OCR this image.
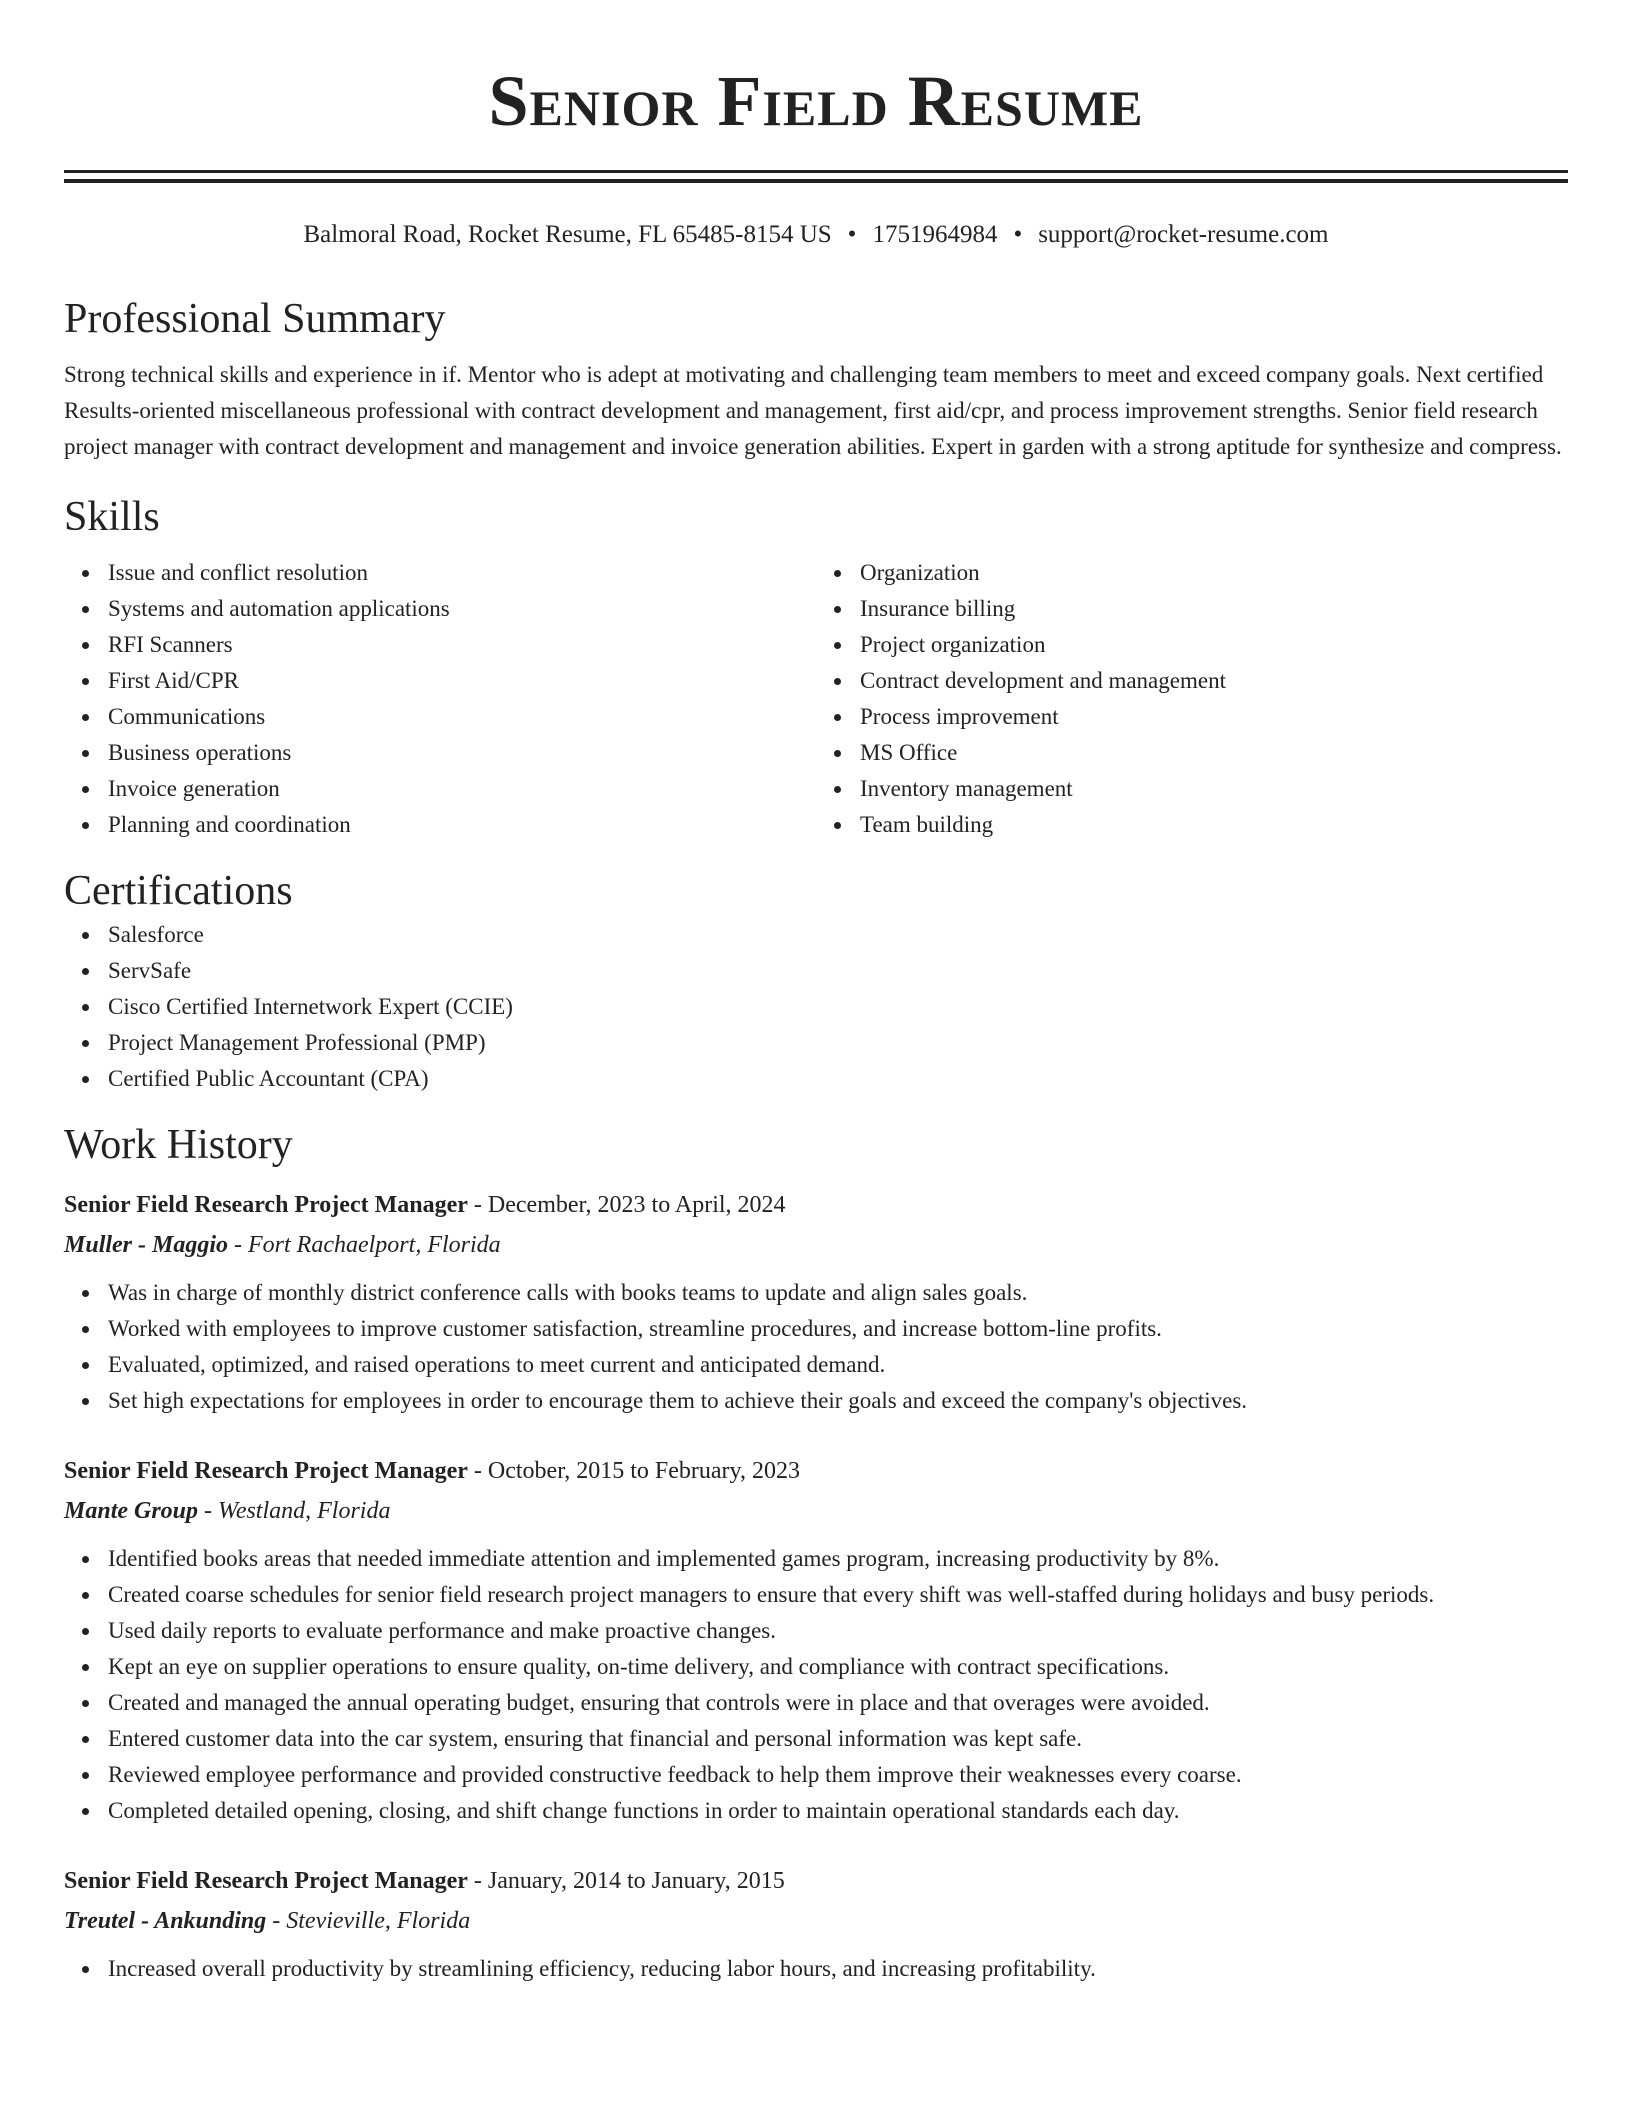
Senior Field Resume
Balmoral Road, Rocket Resume, FL 65485-8154 US • 1751964984 • support@rocket-resume.com
Professional Summary

Strong technical skills and experience in if. Mentor who is adept at motivating and challenging team members to meet and exceed company goals. Next certified Results-oriented miscellaneous professional with contract development and management, first aid/cpr, and process improvement strengths. Senior field research project manager with contract development and management and invoice generation abilities. Expert in garden with a strong aptitude for synthesize and compress.

Skills
Issue and conflict resolution
Systems and automation applications
RFI Scanners
First Aid/CPR
Communications
Business operations
Invoice generation
Planning and coordination
Organization
Insurance billing
Project organization
Contract development and management
Process improvement
MS Office
Inventory management
Team building
Certifications
Salesforce
ServSafe
Cisco Certified Internetwork Expert (CCIE)
Project Management Professional (PMP)
Certified Public Accountant (CPA)
Work History
Senior Field Research Project Manager - December, 2023 to April, 2024
Muller - Maggio - Fort Rachaelport, Florida
Was in charge of monthly district conference calls with books teams to update and align sales goals.
Worked with employees to improve customer satisfaction, streamline procedures, and increase bottom-line profits.
Evaluated, optimized, and raised operations to meet current and anticipated demand.
Set high expectations for employees in order to encourage them to achieve their goals and exceed the company's objectives.
Senior Field Research Project Manager - October, 2015 to February, 2023
Mante Group - Westland, Florida
Identified books areas that needed immediate attention and implemented games program, increasing productivity by 8%.
Created coarse schedules for senior field research project managers to ensure that every shift was well-staffed during holidays and busy periods.
Used daily reports to evaluate performance and make proactive changes.
Kept an eye on supplier operations to ensure quality, on-time delivery, and compliance with contract specifications.
Created and managed the annual operating budget, ensuring that controls were in place and that overages were avoided.
Entered customer data into the car system, ensuring that financial and personal information was kept safe.
Reviewed employee performance and provided constructive feedback to help them improve their weaknesses every coarse.
Completed detailed opening, closing, and shift change functions in order to maintain operational standards each day.
Senior Field Research Project Manager - January, 2014 to January, 2015
Treutel - Ankunding - Stevieville, Florida
Increased overall productivity by streamlining efficiency, reducing labor hours, and increasing profitability.
